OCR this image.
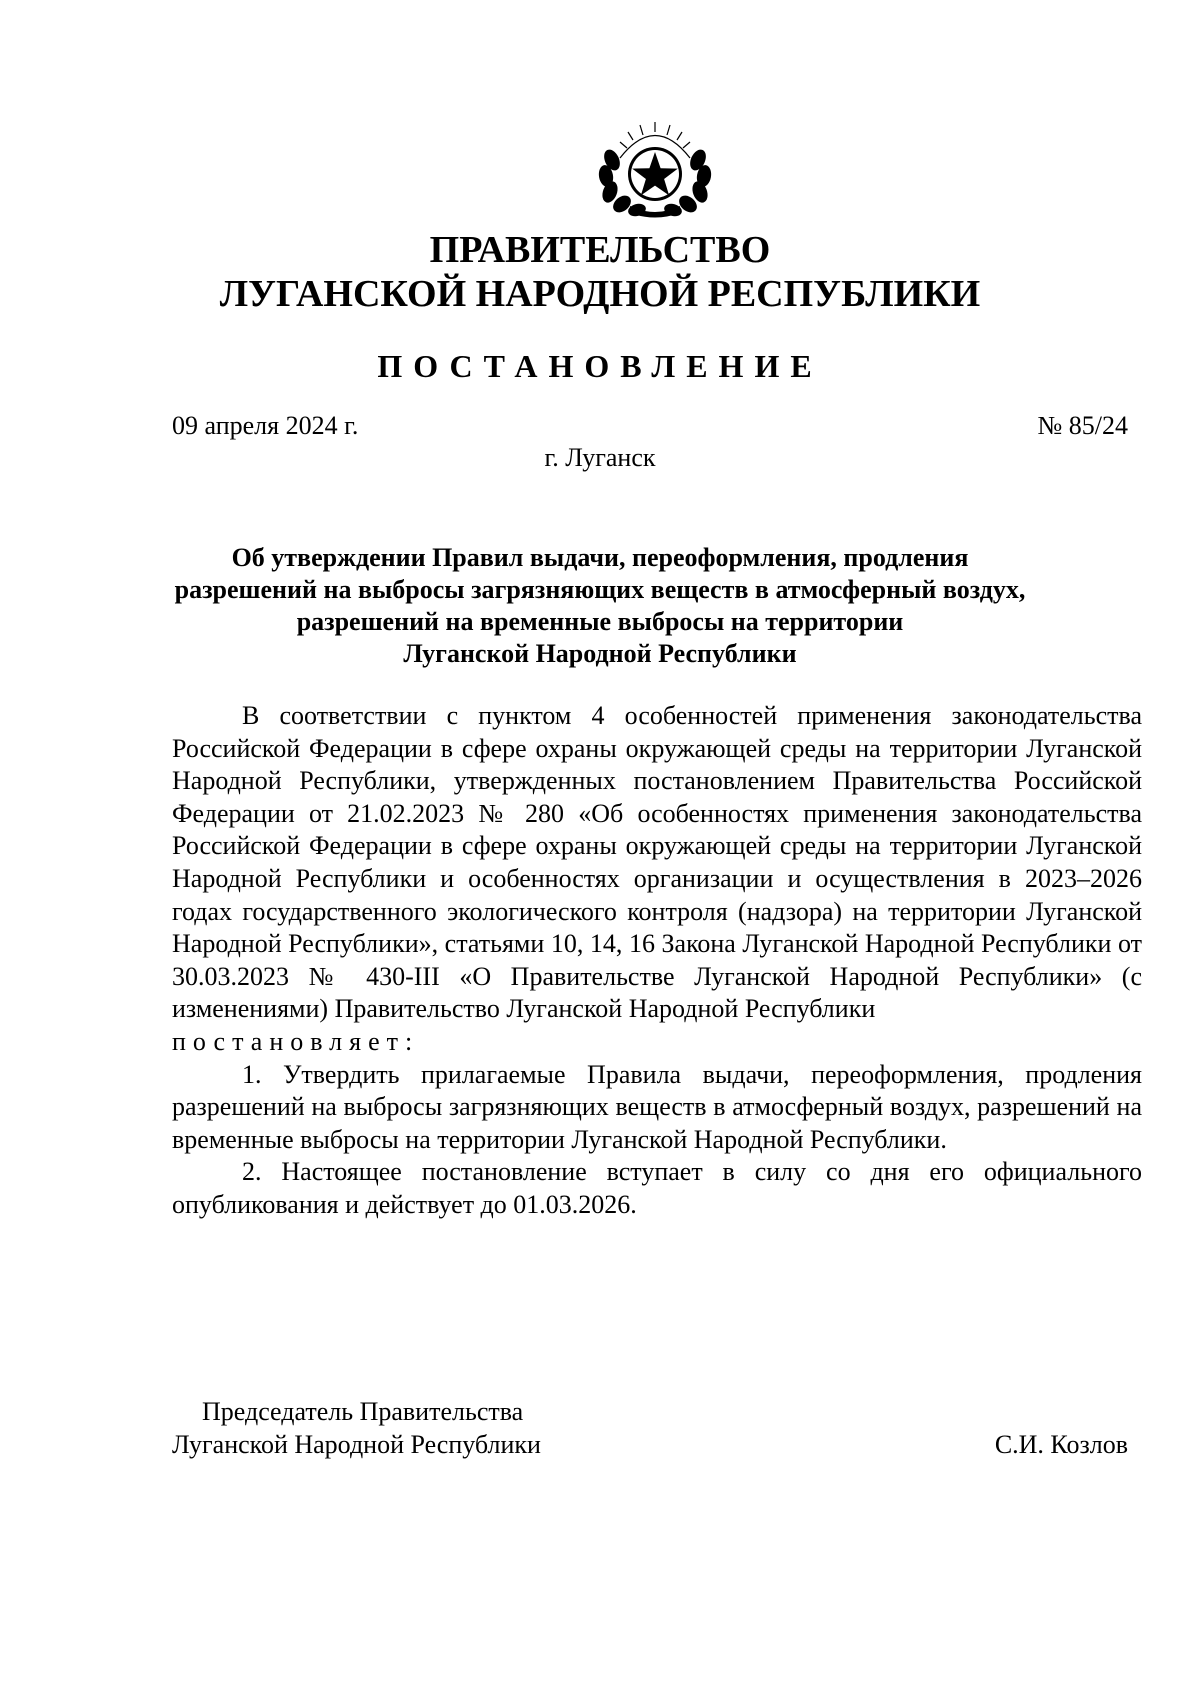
ПРАВИТЕЛЬСТВО
ЛУГАНСКОЙ НАРОДНОЙ РЕСПУБЛИКИ
ПОСТАНОВЛЕНИЕ
09 апреля 2024 г.	№ 85/24
г. Луганск
Об утверждении Правил выдачи, переоформления, продления
разрешений на выбросы загрязняющих веществ в атмосферный воздух,
разрешений на временные выбросы на территории
Луганской Народной Республики

В соответствии с пунктом 4 особенностей применения законодательства Российской Федерации в сфере охраны окружающей среды на территории Луганской Народной Республики, утвержденных постановлением Правительства Российской Федерации от 21.02.2023 № 280 «Об особенностях применения законодательства Российской Федерации в сфере охраны окружающей среды на территории Луганской Народной Республики и особенностях организации и осуществления в 2023–2026 годах государственного экологического контроля (надзора) на территории Луганской Народной Республики», статьями 10, 14, 16 Закона Луганской Народной Республики от 30.03.2023 № 430-III «О Правительстве Луганской Народной Республики» (с изменениями) Правительство Луганской Народной Республики

постановляет:

1. Утвердить прилагаемые Правила выдачи, переоформления, продления разрешений на выбросы загрязняющих веществ в атмосферный воздух, разрешений на временные выбросы на территории Луганской Народной Республики.

2. Настоящее постановление вступает в силу со дня его официального опубликования и действует до 01.03.2026.

Председатель Правительства
Луганской Народной Республики	С.И. Козлов
